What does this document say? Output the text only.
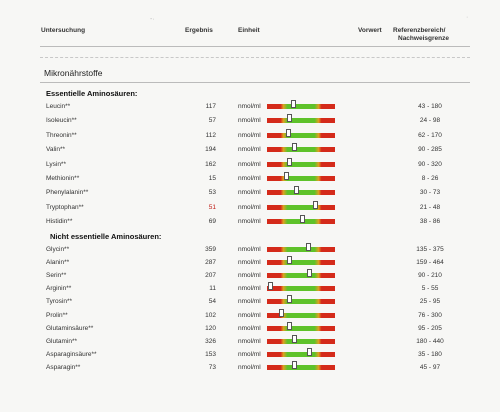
-·	·
Untersuchung	Ergebnis	Einheit	Vorwert Referenzbereich/
Nachweisgrenze
Mikronährstoffe
Essentielle Aminosäuren:
Leucin**	117	nmol/ml	43 - 180
Isoleucin**	57	nmol/ml	24 - 98
Threonin**	112	nmol/ml	62 - 170
Valin**	194	nmol/ml	90 - 285
Lysin**	162	nmol/ml	90 - 320
Methionin**	15	nmol/ml	8 - 26
Phenylalanin**	53	nmol/ml	30 - 73
Tryptophan**	51	nmol/ml	21 - 48
Histidin**	69	nmol/ml	38 - 86
Nicht essentielle Aminosäuren:
Glycin**	359	nmol/ml	135 - 375
Alanin**	287	nmol/ml	159 - 464
Serin**	207	nmol/ml	90 - 210
Arginin**	11	nmol/ml	5 - 55
Tyrosin**	54	nmol/ml	25 - 95
Prolin**	102	nmol/ml	76 - 300
Glutaminsäure**	120	nmol/ml	95 - 205
Glutamin**	326	nmol/ml	180 - 440
Asparaginsäure**	153	nmol/ml	35 - 180
Asparagin**	73	nmol/ml	45 - 97
